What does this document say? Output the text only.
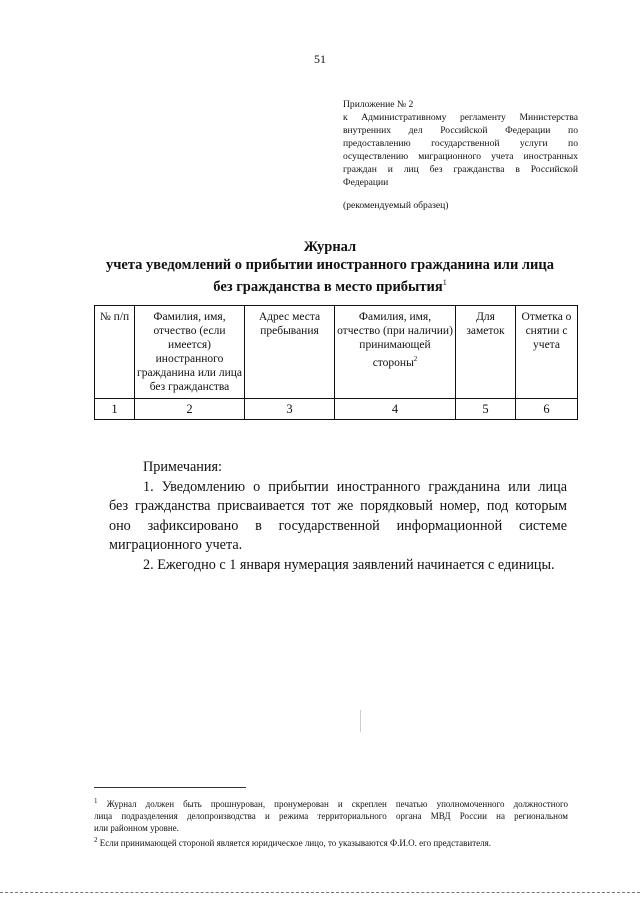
51
Приложение № 2
к Административному регламенту Министерства
внутренних дел Российской Федерации по
предоставлению государственной услуги по
осуществлению миграционного учета иностранных
граждан и лиц без гражданства в Российской
Федерации
(рекомендуемый образец)
Журнал
учета уведомлений о прибытии иностранного гражданина или лица
без гражданства в место прибытия$^1$
№ п/п	Фамилия, имя, отчество (если имеется) иностранного гражданина или лица без гражданства	Адрес места пребывания	Фамилия, имя, отчество (при наличии) принимающей стороны$^2$	Для заметок	Отметка о снятии с учета
1	2	3	4	5	6

Примечания:

1. Уведомлению о прибытии иностранного гражданина или лица

без гражданства присваивается тот же порядковый номер, под которым

оно зафиксировано в государственной информационной системе

миграционного учета.

2. Ежегодно с 1 января нумерация заявлений начинается с единицы.

$^1$ Журнал должен быть прошнурован, пронумерован и скреплен печатью уполномоченного должностного

лица подразделения делопроизводства и режима территориального органа МВД России на региональном

или районном уровне.

$^2$ Если принимающей стороной является юридическое лицо, то указываются Ф.И.О. его представителя.
